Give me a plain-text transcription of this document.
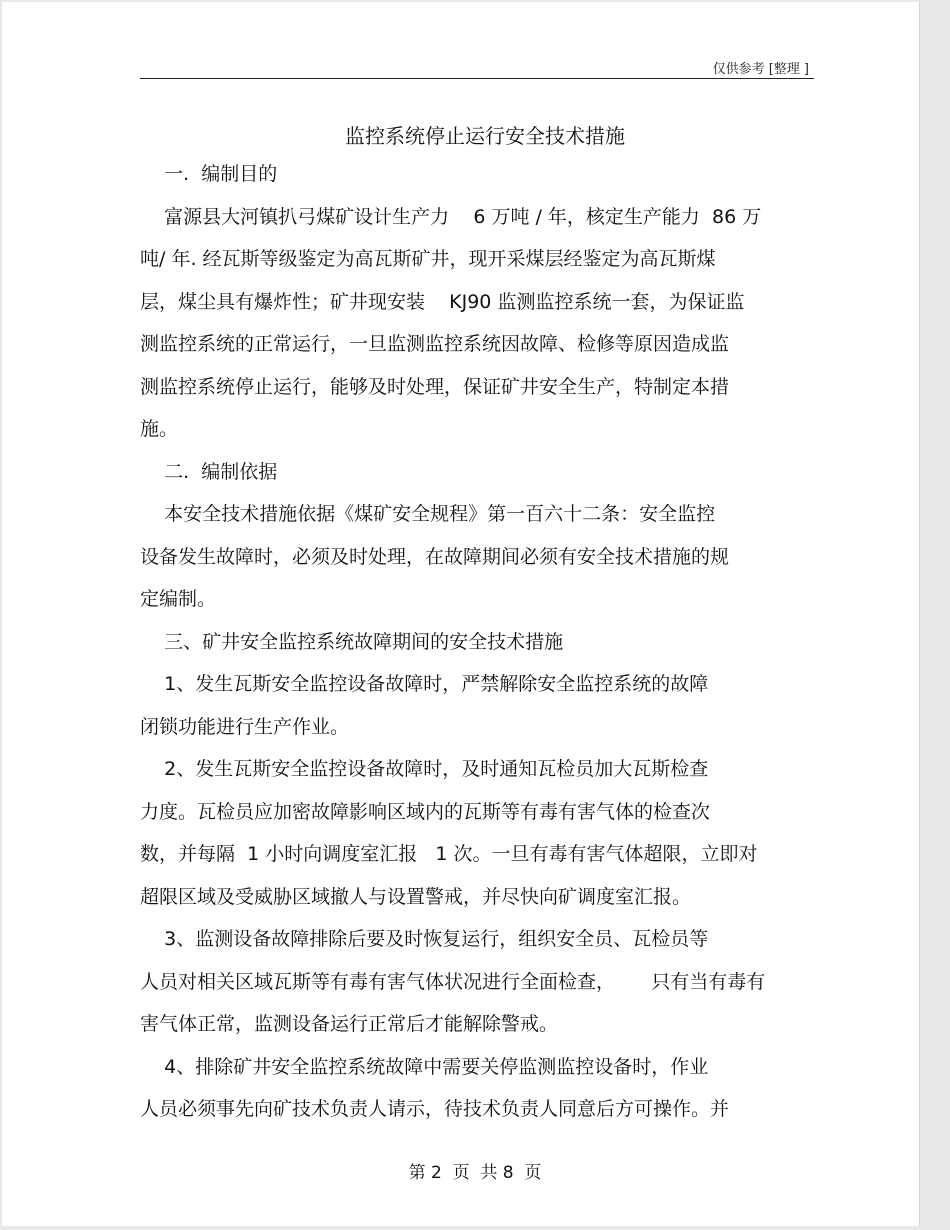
仅供参考 [整理 ]
监控系统停止运行安全技术措施
一.  编制目的
富源县大河镇扒弓煤矿设计生产力    6 万吨 / 年，核定生产能力  86 万
吨/ 年. 经瓦斯等级鉴定为高瓦斯矿井，现开采煤层经鉴定为高瓦斯煤
层，煤尘具有爆炸性；矿井现安装    KJ90 监测监控系统一套，为保证监
测监控系统的正常运行，一旦监测监控系统因故障、检修等原因造成监
测监控系统停止运行，能够及时处理，保证矿井安全生产，特制定本措
施。
二.  编制依据
本安全技术措施依据《煤矿安全规程》第一百六十二条：安全监控
设备发生故障时，必须及时处理，在故障期间必须有安全技术措施的规
定编制。
三、矿井安全监控系统故障期间的安全技术措施
1、发生瓦斯安全监控设备故障时，严禁解除安全监控系统的故障
闭锁功能进行生产作业。
2、发生瓦斯安全监控设备故障时，及时通知瓦检员加大瓦斯检查
力度。瓦检员应加密故障影响区域内的瓦斯等有毒有害气体的检查次
数，并每隔  1 小时向调度室汇报   1 次。一旦有毒有害气体超限，立即对
超限区域及受威胁区域撤人与设置警戒，并尽快向矿调度室汇报。
3、监测设备故障排除后要及时恢复运行，组织安全员、瓦检员等
人员对相关区域瓦斯等有毒有害气体状况进行全面检查，      只有当有毒有
害气体正常，监测设备运行正常后才能解除警戒。
4、排除矿井安全监控系统故障中需要关停监测监控设备时，作业
人员必须事先向矿技术负责人请示，待技术负责人同意后方可操作。并
第 2  页  共 8  页
